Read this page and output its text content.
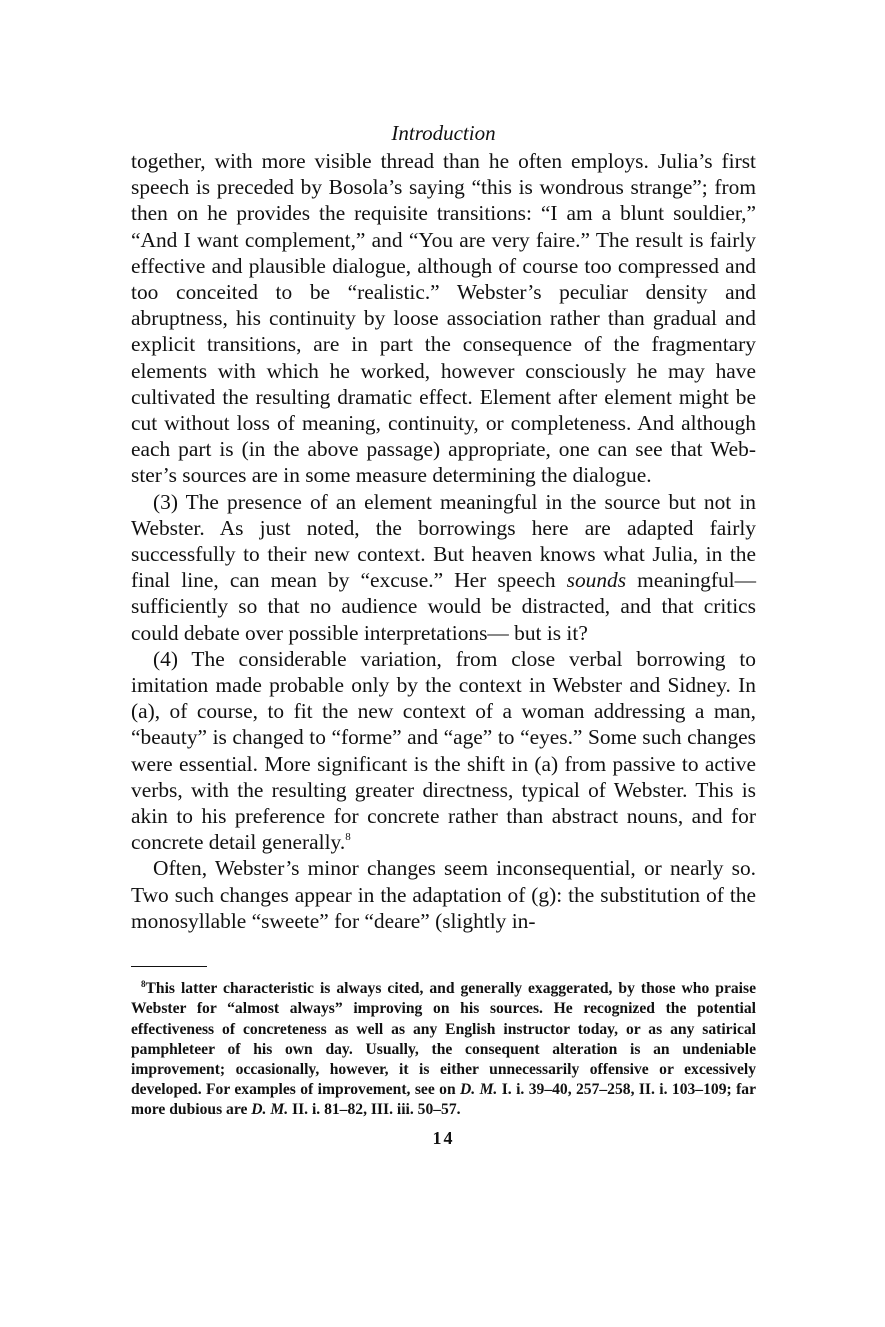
Introduction

together, with more visible thread than he often employs. Julia’s first speech is preceded by Bosola’s saying “this is wondrous strange”; from then on he provides the requisite transitions: “I am a blunt souldier,” “And I want complement,” and “You are very faire.” The result is fairly effective and plausible dialogue, although of course too compressed and too conceited to be “realistic.” Webster’s peculiar density and abruptness, his continuity by loose association rather than gradual and explicit transitions, are in part the consequence of the fragmentary elements with which he worked, however consciously he may have cultivated the resulting dramatic effect. Element after element might be cut without loss of meaning, continuity, or completeness. And although each part is (in the above passage) appropriate, one can see that Webster’s sources are in some measure determining the dialogue.

(3) The presence of an element meaningful in the source but not in Webster. As just noted, the borrowings here are adapted fairly successfully to their new context. But heaven knows what Julia, in the final line, can mean by “excuse.” Her speech sounds meaningful—sufficiently so that no audience would be distracted, and that critics could debate over possible interpretations— but is it?

(4) The considerable variation, from close verbal borrowing to imitation made probable only by the context in Webster and Sidney. In (a), of course, to fit the new context of a woman addressing a man, “beauty” is changed to “forme” and “age” to “eyes.” Some such changes were essential. More significant is the shift in (a) from passive to active verbs, with the resulting greater directness, typical of Webster. This is akin to his preference for concrete rather than abstract nouns, and for concrete detail generally.$^8$

Often, Webster’s minor changes seem inconsequential, or nearly so. Two such changes appear in the adaptation of (g): the substitution of the monosyllable “sweete” for “deare” (slightly in-

$^8$This latter characteristic is always cited, and generally exaggerated, by those who praise Webster for “almost always” improving on his sources. He recognized the potential effectiveness of concreteness as well as any English instructor today, or as any satirical pamphleteer of his own day. Usually, the consequent alteration is an undeniable improvement; occasionally, however, it is either unnecessarily offensive or excessively developed. For examples of improvement, see on D. M. I. i. 39–40, 257–258, II. i. 103–109; far more dubious are D. M. II. i. 81–82, III. iii. 50–57.

14
